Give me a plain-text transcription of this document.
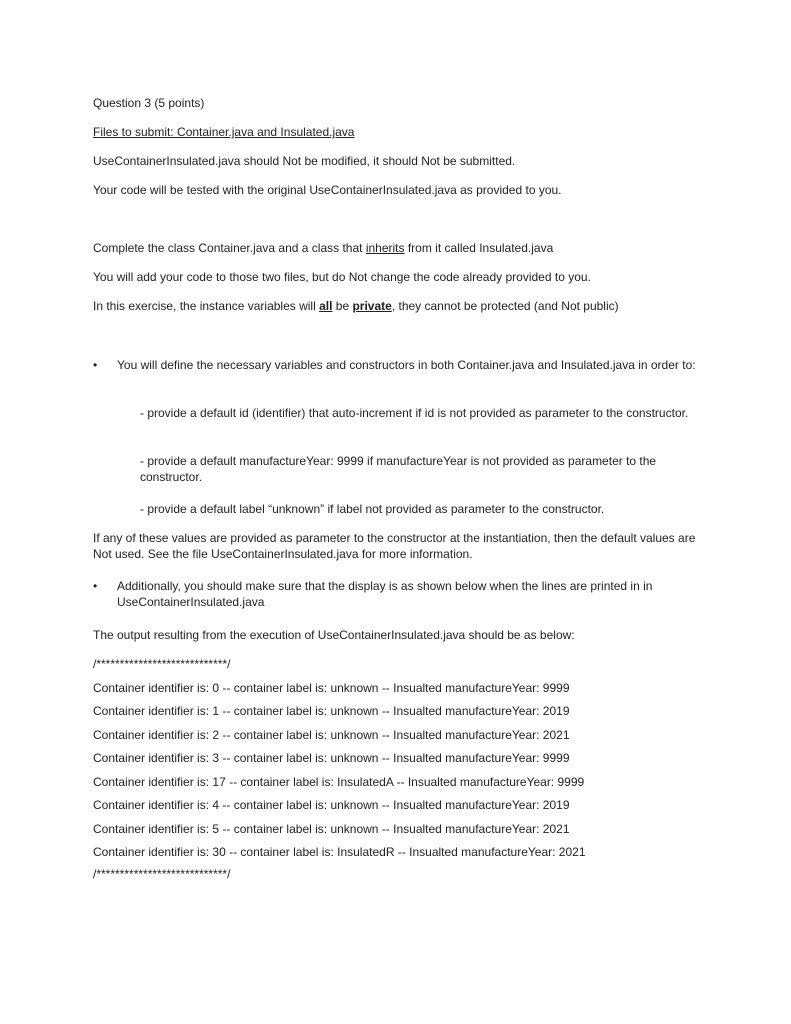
Question 3 (5 points)
Files to submit: Container.java and Insulated.java
UseContainerInsulated.java should Not be modified, it should Not be submitted.
Your code will be tested with the original UseContainerInsulated.java as provided to you.
Complete the class Container.java and a class that inherits from it called Insulated.java
You will add your code to those two files, but do Not change the code already provided to you.
In this exercise, the instance variables will all be private, they cannot be protected (and Not public)
• You will define the necessary variables and constructors in both Container.java and Insulated.java in order to:
- provide a default id (identifier) that auto-increment if id is not provided as parameter to the constructor.
- provide a default manufactureYear: 9999 if manufactureYear is not provided as parameter to the constructor.
- provide a default label “unknown” if label not provided as parameter to the constructor.
If any of these values are provided as parameter to the constructor at the instantiation, then the default values are Not used. See the file UseContainerInsulated.java for more information.
• Additionally, you should make sure that the display is as shown below when the lines are printed in in UseContainerInsulated.java
The output resulting from the execution of UseContainerInsulated.java should be as below:
/****************************/
Container identifier is: 0 -- container label is: unknown -- Insualted manufactureYear: 9999
Container identifier is: 1 -- container label is: unknown -- Insualted manufactureYear: 2019
Container identifier is: 2 -- container label is: unknown -- Insualted manufactureYear: 2021
Container identifier is: 3 -- container label is: unknown -- Insualted manufactureYear: 9999
Container identifier is: 17 -- container label is: InsulatedA -- Insualted manufactureYear: 9999
Container identifier is: 4 -- container label is: unknown -- Insualted manufactureYear: 2019
Container identifier is: 5 -- container label is: unknown -- Insualted manufactureYear: 2021
Container identifier is: 30 -- container label is: InsulatedR -- Insualted manufactureYear: 2021
/****************************/
